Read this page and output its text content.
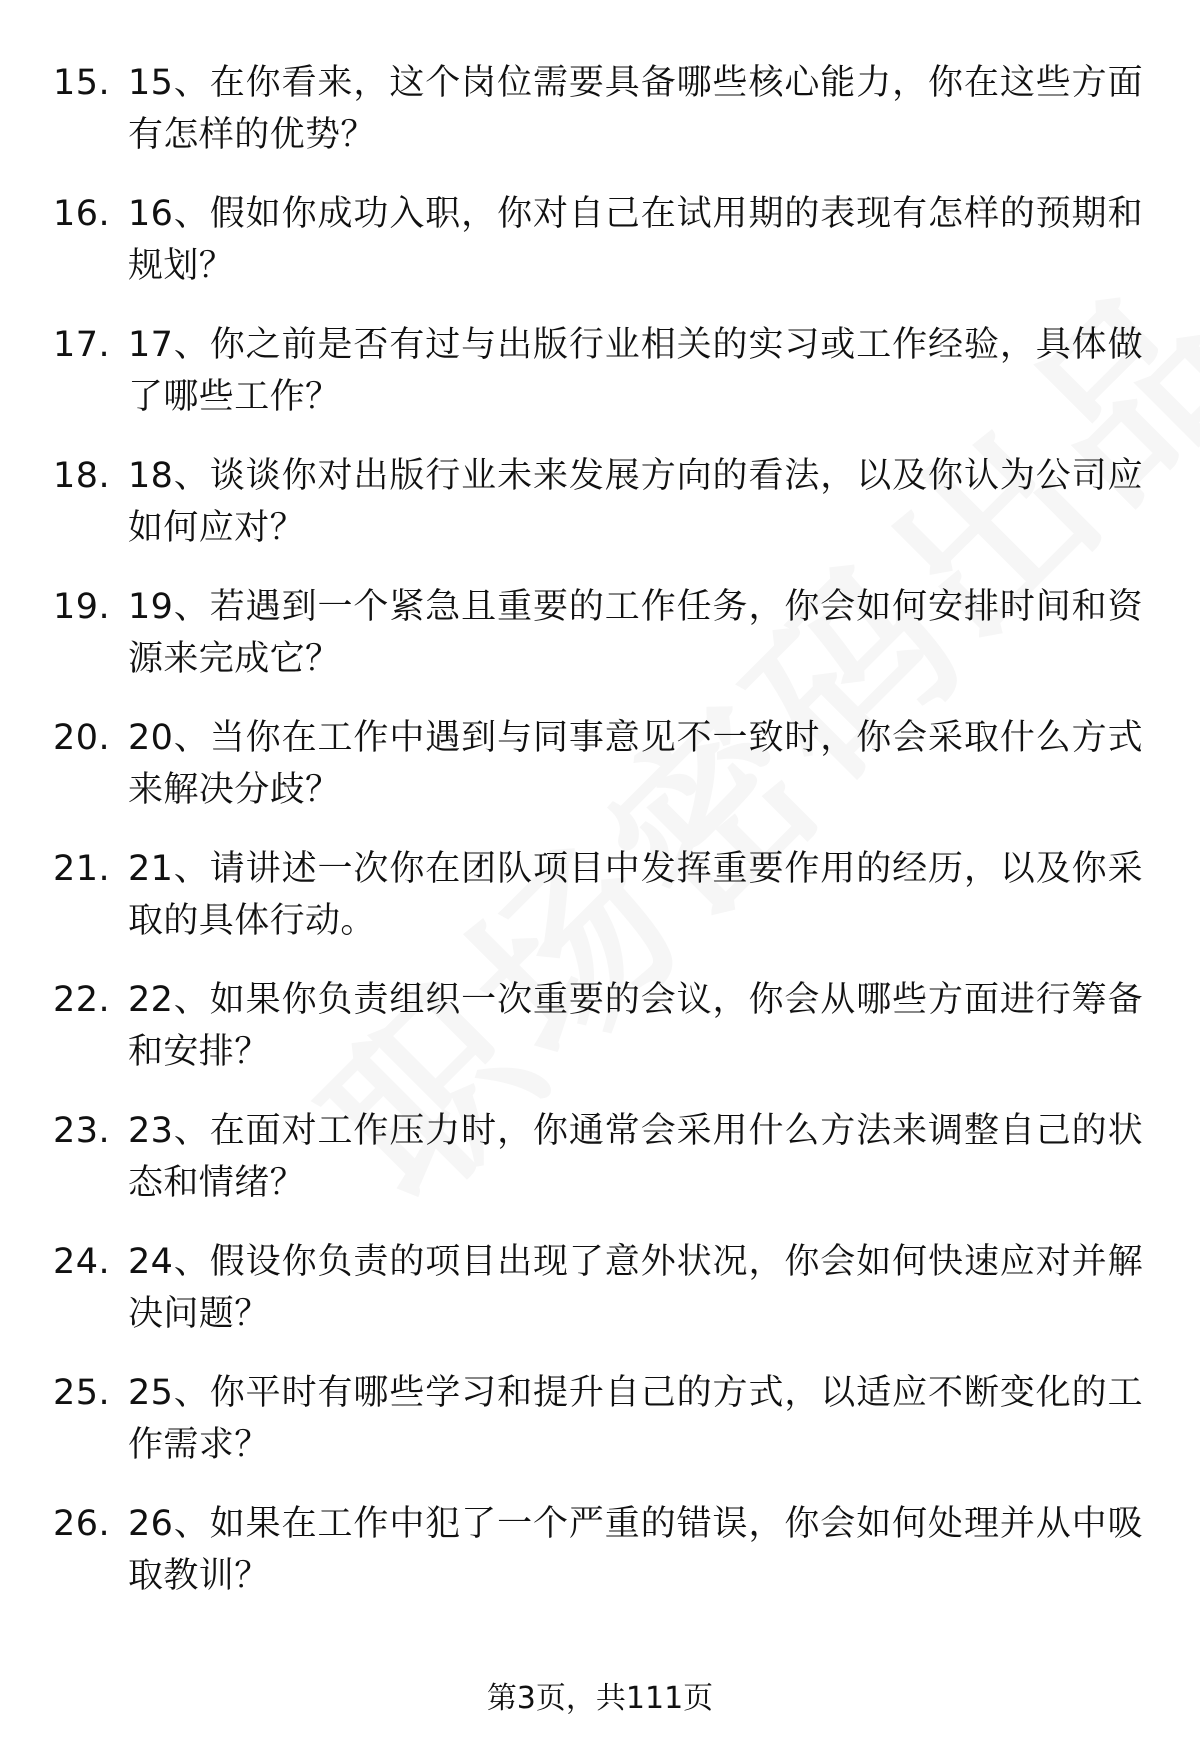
15. 15、在你看来，这个岗位需要具备哪些核心能力，你在这些方面有怎样的优势？
16. 16、假如你成功入职，你对自己在试用期的表现有怎样的预期和规划？
17. 17、你之前是否有过与出版行业相关的实习或工作经验，具体做了哪些工作？
18. 18、谈谈你对出版行业未来发展方向的看法，以及你认为公司应如何应对？
19. 19、若遇到一个紧急且重要的工作任务，你会如何安排时间和资源来完成它？
20. 20、当你在工作中遇到与同事意见不一致时，你会采取什么方式来解决分歧？
21. 21、请讲述一次你在团队项目中发挥重要作用的经历，以及你采取的具体行动。
22. 22、如果你负责组织一次重要的会议，你会从哪些方面进行筹备和安排？
23. 23、在面对工作压力时，你通常会采用什么方法来调整自己的状态和情绪？
24. 24、假设你负责的项目出现了意外状况，你会如何快速应对并解决问题？
25. 25、你平时有哪些学习和提升自己的方式，以适应不断变化的工作需求？
26. 26、如果在工作中犯了一个严重的错误，你会如何处理并从中吸取教训？
第3页，共111页
